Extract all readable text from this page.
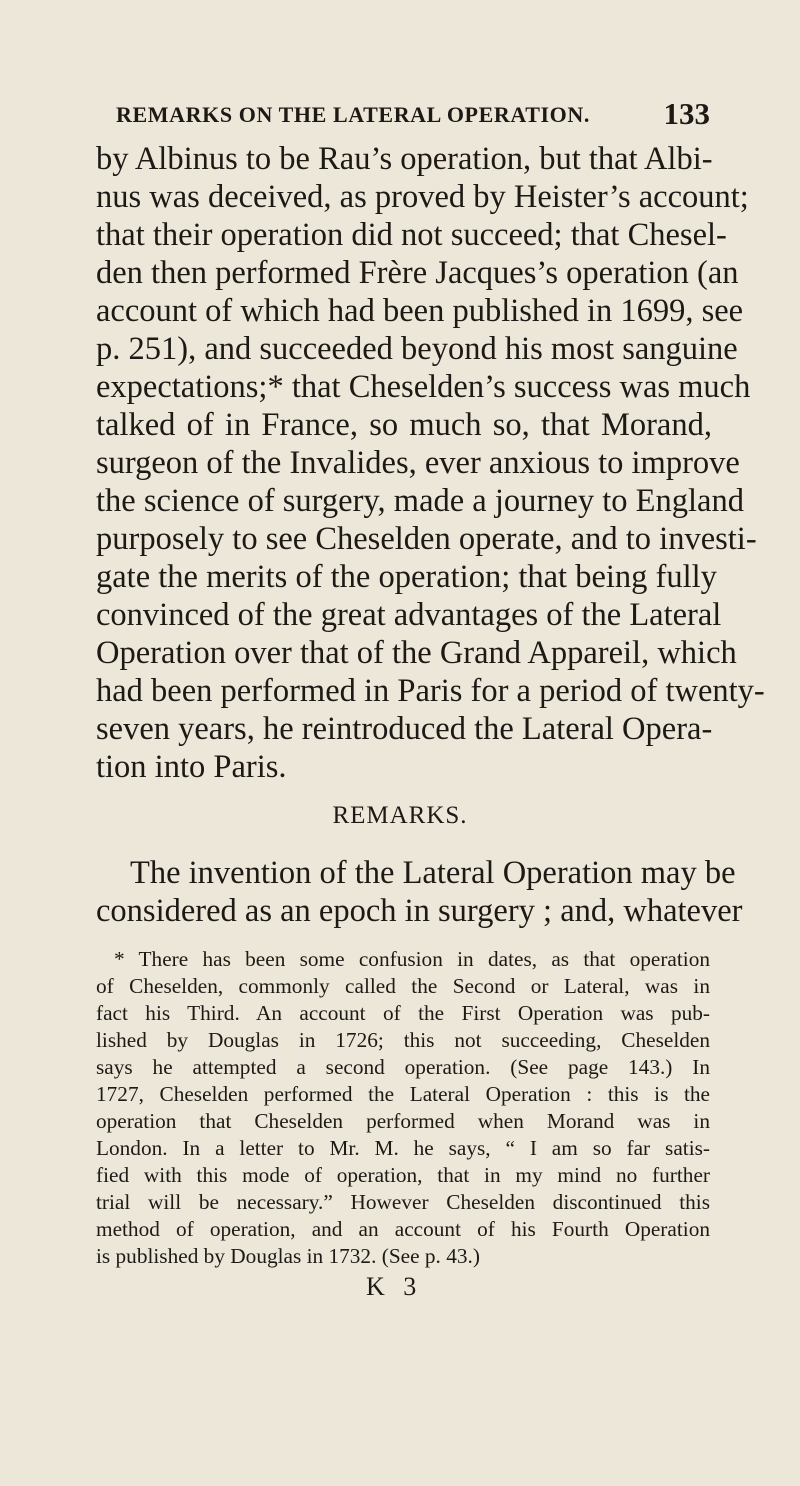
REMARKS ON THE LATERAL OPERATION. 133
by Albinus to be Rau’s operation, but that Albi-
nus was deceived, as proved by Heister’s account;
that their operation did not succeed; that Chesel-
den then performed Frère Jacques’s operation (an
account of which had been published in 1699, see
p. 251), and succeeded beyond his most sanguine
expectations;* that Cheselden’s success was much
talked of in France, so much so, that Morand,
surgeon of the Invalides, ever anxious to improve
the science of surgery, made a journey to England
purposely to see Cheselden operate, and to investi-
gate the merits of the operation; that being fully
convinced of the great advantages of the Lateral
Operation over that of the Grand Appareil, which
had been performed in Paris for a period of twenty-
seven years, he reintroduced the Lateral Opera-
tion into Paris.
REMARKS.
The invention of the Lateral Operation may be
considered as an epoch in surgery ; and, whatever
* There has been some confusion in dates, as that operation
of Cheselden, commonly called the Second or Lateral, was in
fact his Third. An account of the First Operation was pub-
lished by Douglas in 1726; this not succeeding, Cheselden
says he attempted a second operation. (See page 143.) In
1727, Cheselden performed the Lateral Operation : this is the
operation that Cheselden performed when Morand was in
London. In a letter to Mr. M. he says, “ I am so far satis-
fied with this mode of operation, that in my mind no further
trial will be necessary.” However Cheselden discontinued this
method of operation, and an account of his Fourth Operation
is published by Douglas in 1732. (See p. 43.)
K 3
